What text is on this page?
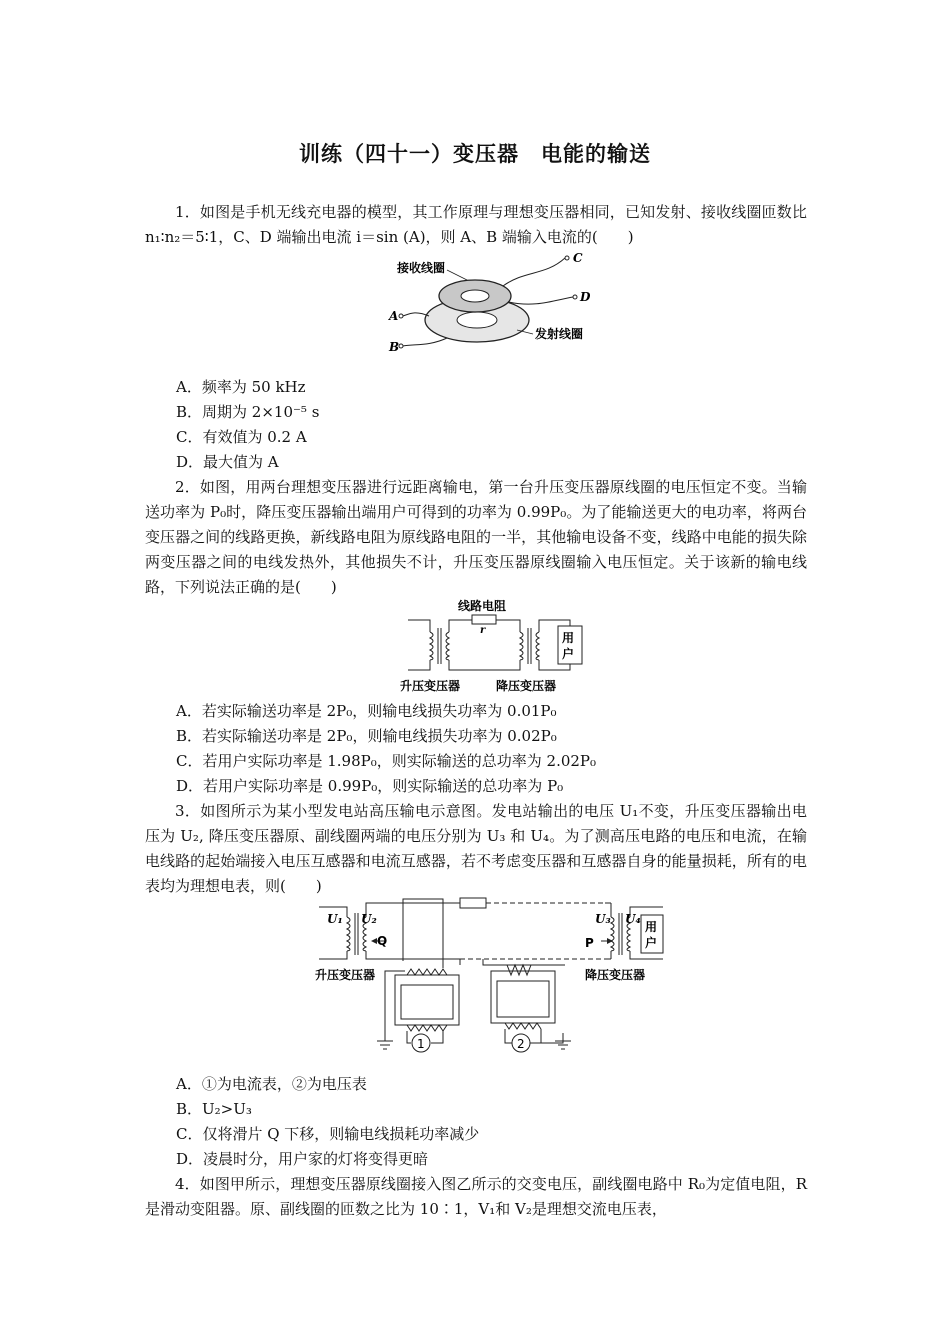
训练（四十一）变压器　电能的输送
1．如图是手机无线充电器的模型，其工作原理与理想变压器相同，已知发射、接收线圈匝数比 n₁∶n₂＝5∶1，C、D 端输出电流 i＝sin (A)，则 A、B 端输入电流的(　　)
接收线圈
发射线圈
C
D
A
B
A．频率为 50 kHz
B．周期为 2×10⁻⁵ s
C．有效值为 0.2 A
D．最大值为 A
2．如图，用两台理想变压器进行远距离输电，第一台升压变压器原线圈的电压恒定不变。当输送功率为 P₀时，降压变压器输出端用户可得到的功率为 0.99P₀。为了能输送更大的电功率，将两台变压器之间的线路更换，新线路电阻为原线路电阻的一半，其他输电设备不变，线路中电能的损失除两变压器之间的电线发热外，其他损失不计，升压变压器原线圈输入电压恒定。关于该新的输电线路，下列说法正确的是(　　)
线路电阻
r
用
户
升压变压器	降压变压器
A．若实际输送功率是 2P₀，则输电线损失功率为 0.01P₀
B．若实际输送功率是 2P₀，则输电线损失功率为 0.02P₀
C．若用户实际功率是 1.98P₀，则实际输送的总功率为 2.02P₀
D．若用户实际功率是 0.99P₀，则实际输送的总功率为 P₀
3．如图所示为某小型发电站高压输电示意图。发电站输出的电压 U₁不变，升压变压器输出电压为 U₂, 降压变压器原、副线圈两端的电压分别为 U₃ 和 U₄。为了测高压电路的电压和电流，在输电线路的起始端接入电压互感器和电流互感器，若不考虑变压器和互感器自身的能量损耗，所有的电表均为理想电表，则(　　)
用
户
U₁ U₂
Q
U₃ U₄
P
升压变压器	降压变压器
1	2
A．①为电流表，②为电压表
B．U₂>U₃
C．仅将滑片 Q 下移，则输电线损耗功率减少
D．凌晨时分，用户家的灯将变得更暗
4．如图甲所示，理想变压器原线圈接入图乙所示的交变电压，副线圈电路中 R₀为定值电阻，R 是滑动变阻器。原、副线圈的匝数之比为 10∶1，V₁和 V₂是理想交流电压表，
